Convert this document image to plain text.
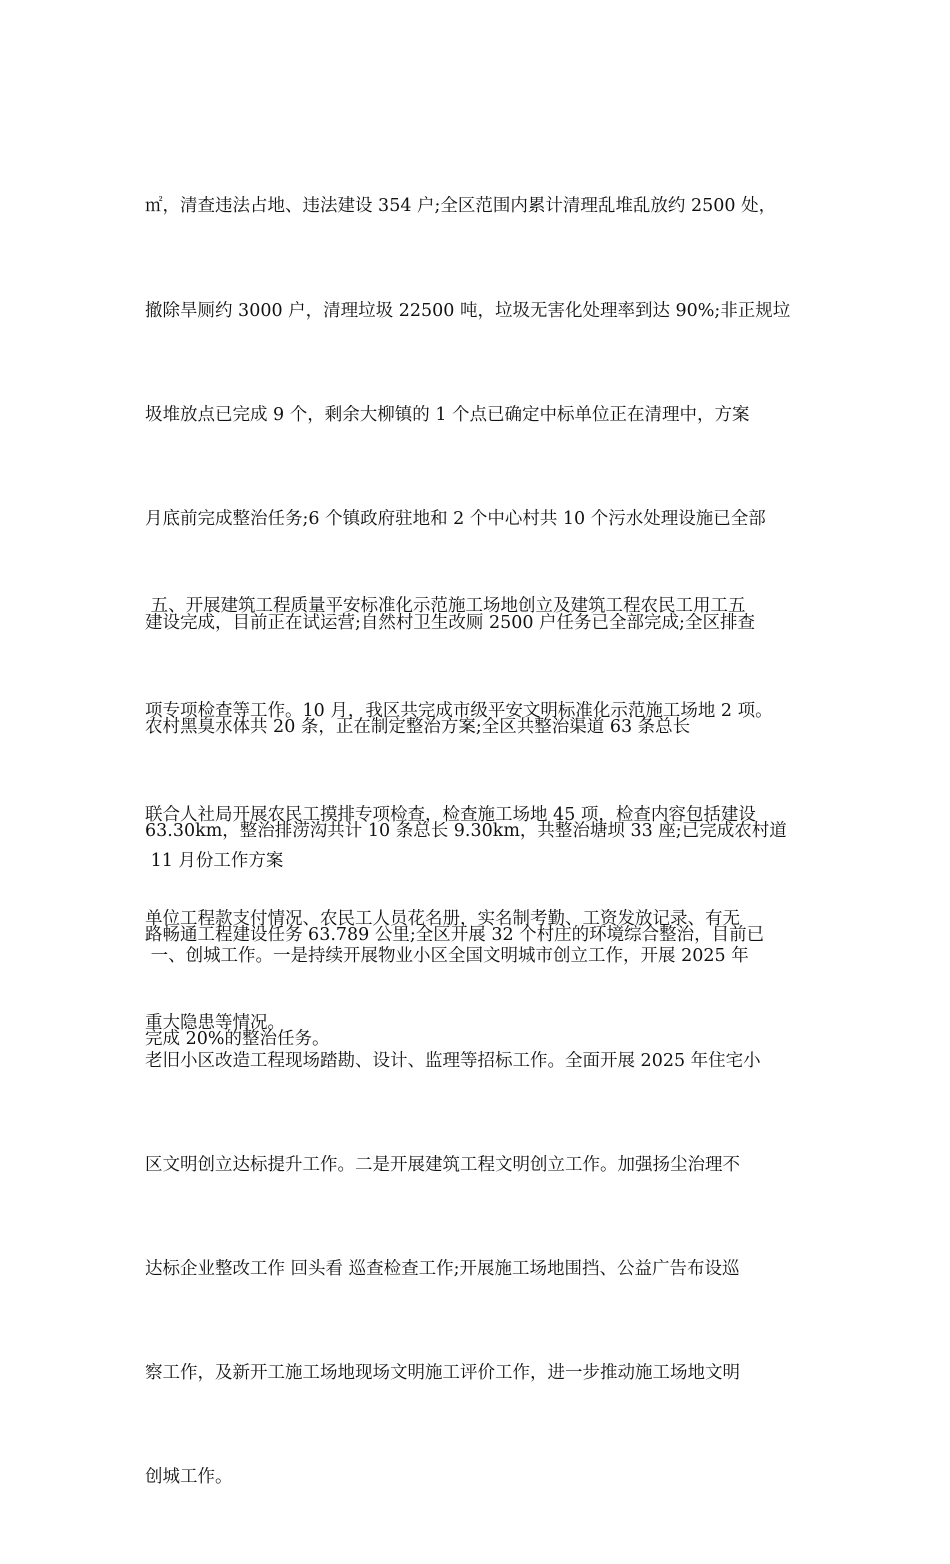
㎡，清查违法占地、违法建设 354 户;全区范围内累计清理乱堆乱放约 2500 处，

撤除旱厕约 3000 户，清理垃圾 22500 吨，垃圾无害化处理率到达 90%;非正规垃

圾堆放点已完成 9 个，剩余大柳镇的 1 个点已确定中标单位正在清理中，方案

月底前完成整治任务;6 个镇政府驻地和 2 个中心村共 10 个污水处理设施已全部

建设完成，目前正在试运营;自然村卫生改厕 2500 户任务已全部完成;全区排查

农村黑臭水体共 20 条，正在制定整治方案;全区共整治渠道 63 条总长

63.30km，整治排涝沟共计 10 条总长 9.30km，共整治塘坝 33 座;已完成农村道

路畅通工程建设任务 63.789 公里;全区开展 32 个村庄的环境综合整治，目前已

完成 20%的整治任务。

五、开展建筑工程质量平安标准化示范施工场地创立及建筑工程农民工用工五

项专项检查等工作。10 月，我区共完成市级平安文明标准化示范施工场地 2 项。

联合人社局开展农民工摸排专项检查，检查施工场地 45 项，检查内容包括建设

单位工程款支付情况、农民工人员花名册，实名制考勤、工资发放记录、有无

重大隐患等情况。

11 月份工作方案

一、创城工作。一是持续开展物业小区全国文明城市创立工作，开展 2025 年

老旧小区改造工程现场踏勘、设计、监理等招标工作。全面开展 2025 年住宅小

区文明创立达标提升工作。二是开展建筑工程文明创立工作。加强扬尘治理不

达标企业整改工作 回头看 巡查检查工作;开展施工场地围挡、公益广告布设巡

察工作，及新开工施工场地现场文明施工评价工作，进一步推动施工场地文明

创城工作。
